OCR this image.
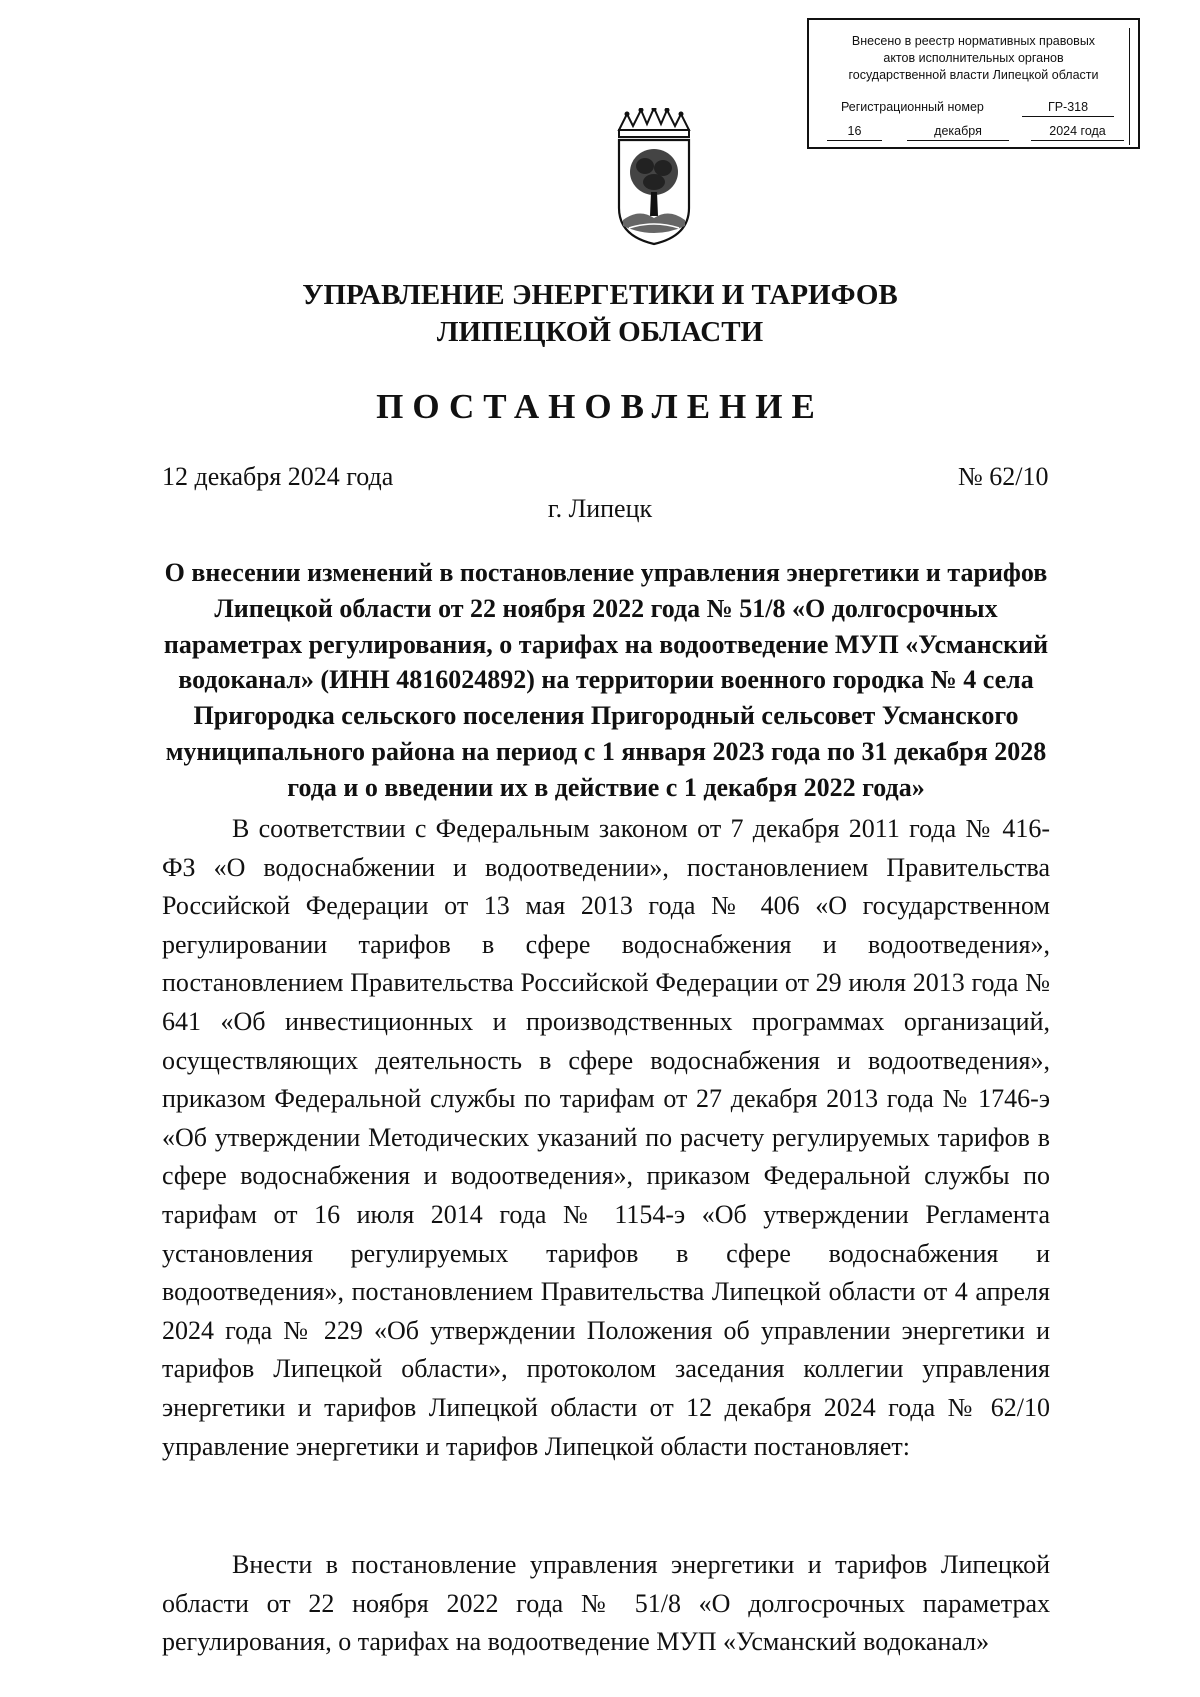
Внесено в реестр нормативных правовых
актов исполнительных органов
государственной власти Липецкой области
Регистрационный номер	ГР-318
16	декабря	2024 года
УПРАВЛЕНИЕ ЭНЕРГЕТИКИ И ТАРИФОВ
ЛИПЕЦКОЙ ОБЛАСТИ
ПОСТАНОВЛЕНИЕ
12 декабря 2024 года	№ 62/10
г. Липецк
О внесении изменений в постановление управления энергетики и тарифов Липецкой области от 22 ноября 2022 года № 51/8 «О долгосрочных параметрах регулирования, о тарифах на водоотведение МУП «Усманский водоканал» (ИНН 4816024892) на территории военного городка № 4 села Пригородка сельского поселения Пригородный сельсовет Усманского муниципального района на период с 1 января 2023 года по 31 декабря 2028 года и о введении их в действие с 1 декабря 2022 года»
В соответствии с Федеральным законом от 7 декабря 2011 года № 416-ФЗ «О водоснабжении и водоотведении», постановлением Правительства Российской Федерации от 13 мая 2013 года № 406 «О государственном регулировании тарифов в сфере водоснабжения и водоотведения», постановлением Правительства Российской Федерации от 29 июля 2013 года № 641 «Об инвестиционных и производственных программах организаций, осуществляющих деятельность в сфере водоснабжения и водоотведения», приказом Федеральной службы по тарифам от 27 декабря 2013 года № 1746-э «Об утверждении Методических указаний по расчету регулируемых тарифов в сфере водоснабжения и водоотведения», приказом Федеральной службы по тарифам от 16 июля 2014 года № 1154-э «Об утверждении Регламента установления регулируемых тарифов в сфере водоснабжения и водоотведения», постановлением Правительства Липецкой области от 4 апреля 2024 года № 229 «Об утверждении Положения об управлении энергетики и тарифов Липецкой области», протоколом заседания коллегии управления энергетики и тарифов Липецкой области от 12 декабря 2024 года № 62/10 управление энергетики и тарифов Липецкой области постановляет:
Внести в постановление управления энергетики и тарифов Липецкой области от 22 ноября 2022 года № 51/8 «О долгосрочных параметрах регулирования, о тарифах на водоотведение МУП «Усманский водоканал»
